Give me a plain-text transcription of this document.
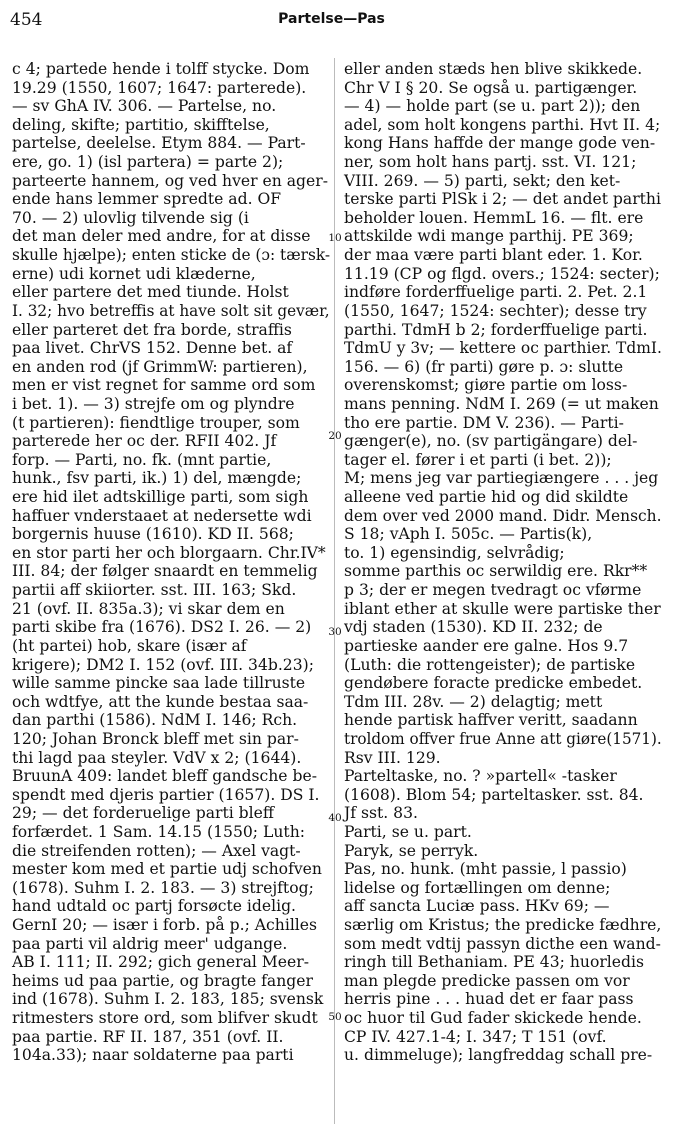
454	Partelse—Pas
10
20
30
40
50
c 4; partede hende i tolff stycke. Dom
19.29 (1550, 1607; 1647: parterede).
— sv GhA IV. 306. — Partelse, no.
deling, skifte; partitio, skifftelse,
partelse, deelelse. Etym 884. — Part-
ere, go. 1) (isl partera) = parte 2);
parteerte hannem, og ved hver en ager-
ende hans lemmer spredte ad. OF
70. — 2) ulovlig tilvende sig (i
det man deler med andre, for at disse
skulle hjælpe); enten sticke de (ɔ: tærsk-
erne) udi kornet udi klæderne,
eller partere det med tiunde. Holst
I. 32; hvo betreffis at have solt sit gevær,
eller parteret det fra borde, straffis
paa livet. ChrVS 152. Denne bet. af
en anden rod (jf GrimmW: partieren),
men er vist regnet for samme ord som
i bet. 1). — 3) strejfe om og plyndre
(t partieren): fiendtlige trouper, som
parterede her oc der. RFII 402. Jf
forp. — Parti, no. fk. (mnt partie,
hunk., fsv parti, ik.) 1) del, mængde;
ere hid ilet adtskillige parti, som sigh
haffuer vnderstaaet at nedersette wdi
borgernis huuse (1610). KD II. 568;
en stor parti her och blorgaarn. Chr.IV*
III. 84; der følger snaardt en temmelig
partii aff skiiorter. sst. III. 163; Skd.
21 (ovf. II. 835a.3); vi skar dem en
parti skibe fra (1676). DS2 I. 26. — 2)
(ht partei) hob, skare (især af
krigere); DM2 I. 152 (ovf. III. 34b.23);
wille samme pincke saa lade tillruste
och wdtfye, att the kunde bestaa saa-
dan parthi (1586). NdM I. 146; Rch.
120; Johan Bronck bleff met sin par-
thi lagd paa steyler. VdV x 2; (1644).
BruunA 409: landet bleff gandsche be-
spendt med djeris partier (1657). DS I.
29; — det forderuelige parti bleff
forfærdet. 1 Sam. 14.15 (1550; Luth:
die streifenden rotten); — Axel vagt-
mester kom med et partie udj schofven
(1678). Suhm I. 2. 183. — 3) strejftog;
hand udtald oc partj forsøcte idelig.
GernI 20; — især i forb. på p.; Achilles
paa parti vil aldrig meer' udgange.
AB I. 111; II. 292; gich general Meer-
heims ud paa partie, og bragte fanger
ind (1678). Suhm I. 2. 183, 185; svensk
ritmesters store ord, som blifver skudt
paa partie. RF II. 187, 351 (ovf. II.
104a.33); naar soldaterne paa parti
eller anden stæds hen blive skikkede.
Chr V I § 20. Se også u. partigænger.
— 4) — holde part (se u. part 2)); den
adel, som holt kongens parthi. Hvt II. 4;
kong Hans haffde der mange gode ven-
ner, som holt hans partj. sst. VI. 121;
VIII. 269. — 5) parti, sekt; den ket-
terske parti PlSk i 2; — det andet parthi
beholder louen. HemmL 16. — flt. ere
attskilde wdi mange parthij. PE 369;
der maa være parti blant eder. 1. Kor.
11.19 (CP og flgd. overs.; 1524: secter);
indføre forderffuelige parti. 2. Pet. 2.1
(1550, 1647; 1524: sechter); desse try
parthi. TdmH b 2; forderffuelige parti.
TdmU y 3v; — kettere oc parthier. TdmI.
156. — 6) (fr parti) gøre p. ɔ: slutte
overenskomst; giøre partie om loss-
mans penning. NdM I. 269 (= ut maken
tho ere partie. DM V. 236). — Parti-
gænger(e), no. (sv partigängare) del-
tager el. fører i et parti (i bet. 2));
M; mens jeg var partiegiængere . . . jeg
alleene ved partie hid og did skildte
dem over ved 2000 mand. Didr. Mensch.
S 18; vAph I. 505c. — Partis(k),
to. 1) egensindig, selvrådig;
somme parthis oc serwildig ere. Rkr**
p 3; der er megen tvedragt oc vførme
iblant ether at skulle were partiske ther
vdj staden (1530). KD II. 232; de
partieske aander ere galne. Hos 9.7
(Luth: die rottengeister); de partiske
gendøbere foracte predicke embedet.
Tdm III. 28v. — 2) delagtig; mett
hende partisk haffver veritt, saadann
troldom offver frue Anne att giøre(1571).
Rsv III. 129.
Parteltaske, no. ? »partell« -tasker
(1608). Blom 54; parteltasker. sst. 84.
Jf sst. 83.
Parti, se u. part.
Paryk, se perryk.
Pas, no. hunk. (mht passie, l passio)
lidelse og fortællingen om denne;
aff sancta Luciæ pass. HKv 69; —
særlig om Kristus; the predicke fædhre,
som medt vdtij passyn dicthe een wand-
ringh till Bethaniam. PE 43; huorledis
man plegde predicke passen om vor
herris pine . . . huad det er faar pass
oc huor til Gud fader skickede hende.
CP IV. 427.1-4; I. 347; T 151 (ovf.
u. dimmeluge); langfreddag schall pre-
